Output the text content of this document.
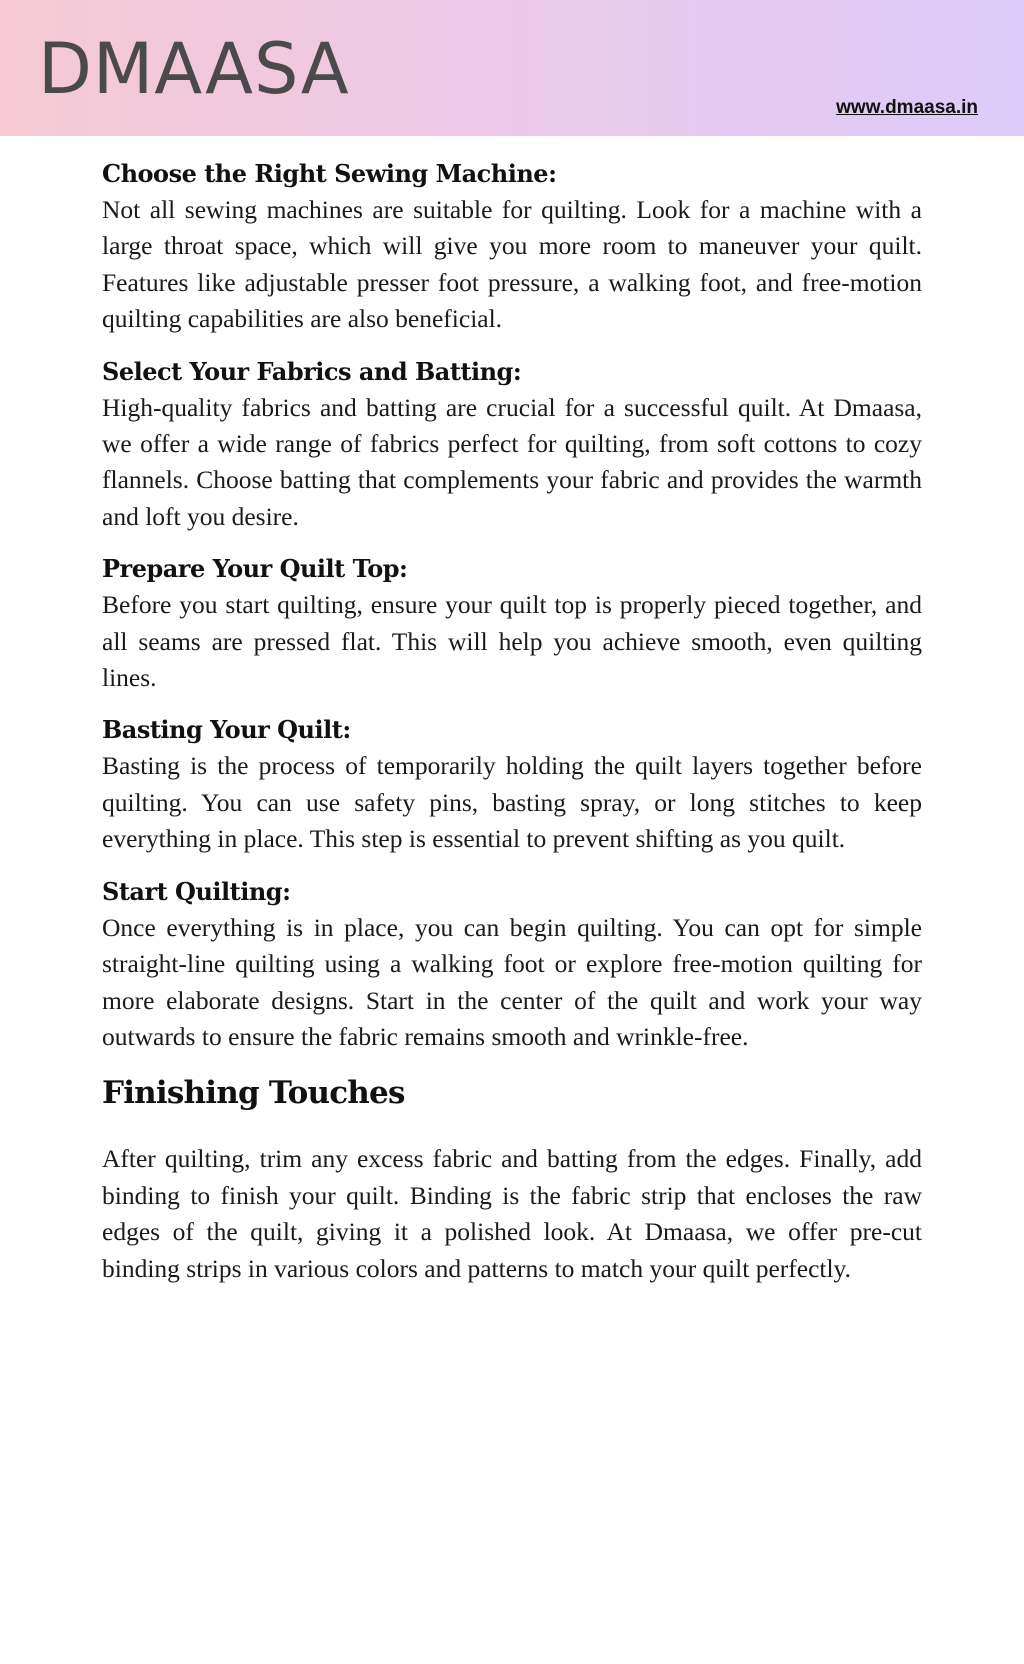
DMAASA	www.dmaasa.in
Choose the Right Sewing Machine:

Not all sewing machines are suitable for quilting. Look for a machine with a large throat space, which will give you more room to maneuver your quilt. Features like adjustable presser foot pressure, a walking foot, and free-motion quilting capabilities are also beneficial.

Select Your Fabrics and Batting:

High-quality fabrics and batting are crucial for a successful quilt. At Dmaasa, we offer a wide range of fabrics perfect for quilting, from soft cottons to cozy flannels. Choose batting that complements your fabric and provides the warmth and loft you desire.

Prepare Your Quilt Top:

Before you start quilting, ensure your quilt top is properly pieced together, and all seams are pressed flat. This will help you achieve smooth, even quilting lines.

Basting Your Quilt:

Basting is the process of temporarily holding the quilt layers together before quilting. You can use safety pins, basting spray, or long stitches to keep everything in place. This step is essential to prevent shifting as you quilt.

Start Quilting:

Once everything is in place, you can begin quilting. You can opt for simple straight-line quilting using a walking foot or explore free-motion quilting for more elaborate designs. Start in the center of the quilt and work your way outwards to ensure the fabric remains smooth and wrinkle-free.

Finishing Touches

After quilting, trim any excess fabric and batting from the edges. Finally, add binding to finish your quilt. Binding is the fabric strip that encloses the raw edges of the quilt, giving it a polished look. At Dmaasa, we offer pre-cut binding strips in various colors and patterns to match your quilt perfectly.
